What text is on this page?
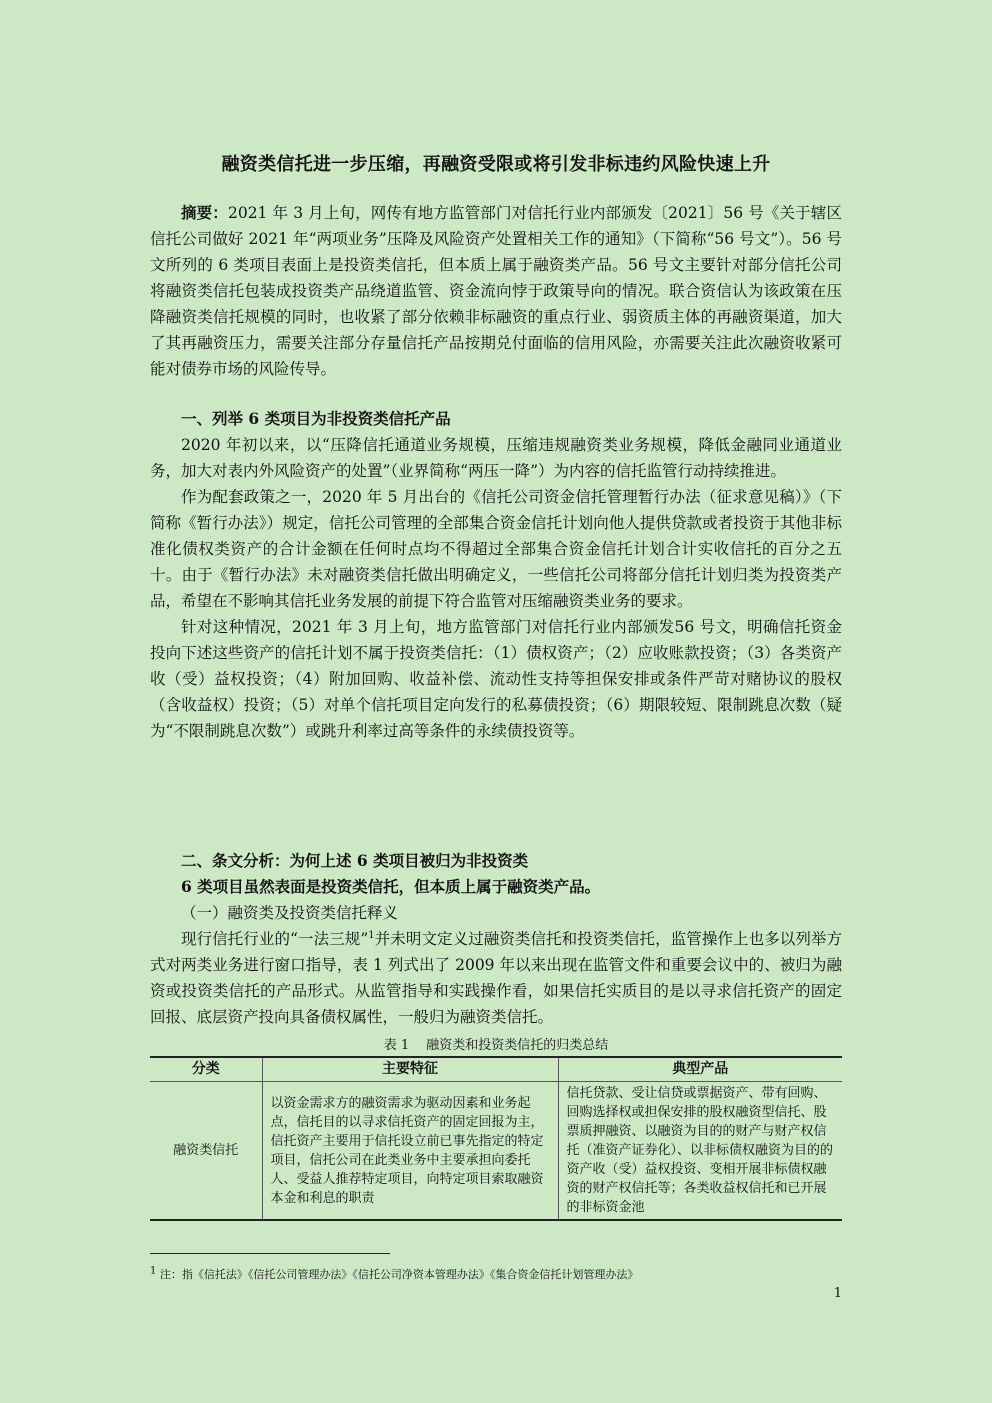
融资类信托进一步压缩，再融资受限或将引发非标违约风险快速上升

摘要：2021 年 3 月上旬，网传有地方监管部门对信托行业内部颁发〔2021〕56 号《关于辖区信托公司做好 2021 年“两项业务”压降及风险资产处置相关工作的通知》（下简称“56 号文”）。56 号文所列的 6 类项目表面上是投资类信托，但本质上属于融资类产品。56 号文主要针对部分信托公司将融资类信托包装成投资类产品绕道监管、资金流向悖于政策导向的情况。联合资信认为该政策在压降融资类信托规模的同时，也收紧了部分依赖非标融资的重点行业、弱资质主体的再融资渠道，加大了其再融资压力，需要关注部分存量信托产品按期兑付面临的信用风险，亦需要关注此次融资收紧可能对债券市场的风险传导。

一、列举 6 类项目为非投资类信托产品

2020 年初以来，以“压降信托通道业务规模，压缩违规融资类业务规模，降低金融同业通道业务，加大对表内外风险资产的处置”（业界简称“两压一降”）为内容的信托监管行动持续推进。

作为配套政策之一，2020 年 5 月出台的《信托公司资金信托管理暂行办法（征求意见稿）》（下简称《暂行办法》）规定，信托公司管理的全部集合资金信托计划向他人提供贷款或者投资于其他非标准化债权类资产的合计金额在任何时点均不得超过全部集合资金信托计划合计实收信托的百分之五十。由于《暂行办法》未对融资类信托做出明确定义，一些信托公司将部分信托计划归类为投资类产品，希望在不影响其信托业务发展的前提下符合监管对压缩融资类业务的要求。

针对这种情况，2021 年 3 月上旬，地方监管部门对信托行业内部颁发56 号文，明确信托资金投向下述这些资产的信托计划不属于投资类信托：（1）债权资产；（2）应收账款投资；（3）各类资产收（受）益权投资；（4）附加回购、收益补偿、流动性支持等担保安排或条件严苛对赌协议的股权（含收益权）投资；（5）对单个信托项目定向发行的私募债投资；（6）期限较短、限制跳息次数（疑为“不限制跳息次数”）或跳升利率过高等条件的永续债投资等。

二、条文分析：为何上述 6 类项目被归为非投资类

6 类项目虽然表面是投资类信托，但本质上属于融资类产品。

（一）融资类及投资类信托释义

现行信托行业的“一法三规”$^1$并未明文定义过融资类信托和投资类信托，监管操作上也多以列举方式对两类业务进行窗口指导，表 1 列式出了 2009 年以来出现在监管文件和重要会议中的、被归为融资或投资类信托的产品形式。从监管指导和实践操作看，如果信托实质目的是以寻求信托资产的固定回报、底层资产投向具备债权属性，一般归为融资类信托。

表 1　 融资类和投资类信托的归类总结
分类	主要特征	典型产品
融资类信托	以资金需求方的融资需求为驱动因素和业务起点，信托目的以寻求信托资产的固定回报为主，信托资产主要用于信托设立前已事先指定的特定项目，信托公司在此类业务中主要承担向委托人、受益人推荐特定项目，向特定项目索取融资本金和利息的职责	信托贷款、受让信贷或票据资产、带有回购、回购选择权或担保安排的股权融资型信托、股票质押融资、以融资为目的的财产与财产权信托（准资产证券化）、以非标债权融资为目的的资产收（受）益权投资、变相开展非标债权融资的财产权信托等；各类收益权信托和已开展的非标资金池
$^1$ 注：指《信托法》《信托公司管理办法》《信托公司净资本管理办法》《集合资金信托计划管理办法》
1
